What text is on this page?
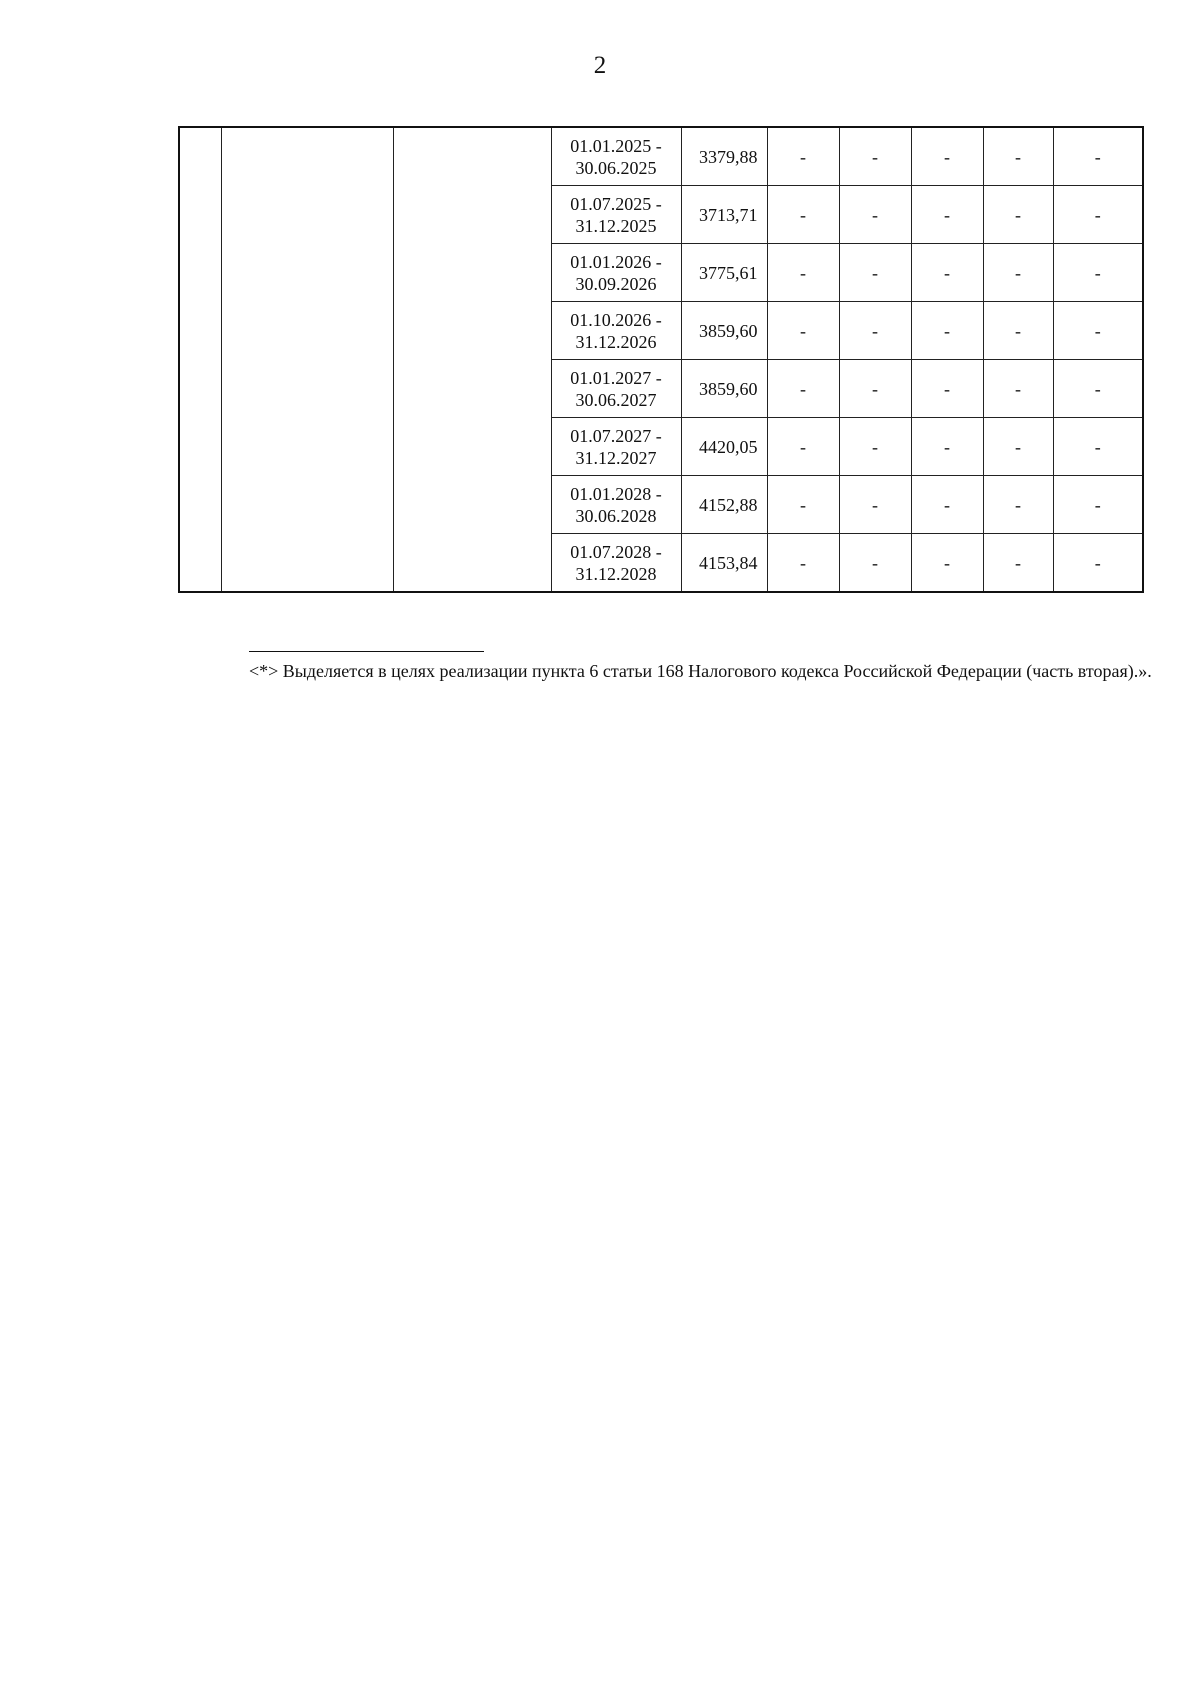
2

			01.01.2025 -
30.06.2025	3379,88	-	-	-	-	-

			01.07.2025 -
31.12.2025	3713,71	-	-	-	-	-

			01.01.2026 -
30.09.2026	3775,61	-	-	-	-	-

			01.10.2026 -
31.12.2026	3859,60	-	-	-	-	-

			01.01.2027 -
30.06.2027	3859,60	-	-	-	-	-

			01.07.2027 -
31.12.2027	4420,05	-	-	-	-	-

			01.01.2028 -
30.06.2028	4152,88	-	-	-	-	-

			01.07.2028 -
31.12.2028	4153,84	-	-	-	-	-

<*> Выделяется в целях реализации пункта 6 статьи 168 Налогового кодекса Российской Федерации (часть вторая).».
